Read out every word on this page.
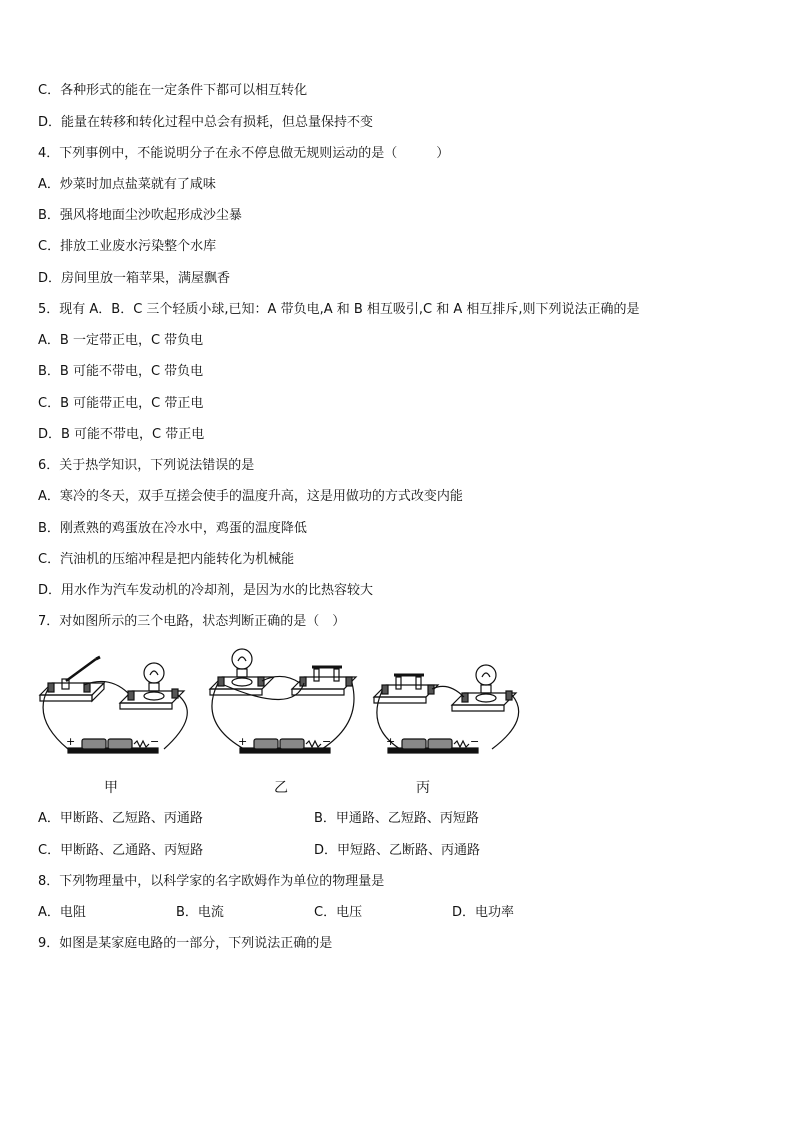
C．各种形式的能在一定条件下都可以相互转化
D．能量在转移和转化过程中总会有损耗，但总量保持不变
4．下列事例中，不能说明分子在永不停息做无规则运动的是（　　　）
A．炒菜时加点盐菜就有了咸味
B．强风将地面尘沙吹起形成沙尘暴
C．排放工业废水污染整个水库
D．房间里放一箱苹果，满屋飘香
5．现有 A．B．C 三个轻质小球,已知：A 带负电,A 和 B 相互吸引,C 和 A 相互排斥,则下列说法正确的是
A．B 一定带正电，C 带负电
B．B 可能不带电，C 带负电
C．B 可能带正电，C 带正电
D．B 可能不带电，C 带正电
6．关于热学知识，下列说法错误的是
A．寒冷的冬天，双手互搓会使手的温度升高，这是用做功的方式改变内能
B．刚煮熟的鸡蛋放在冷水中，鸡蛋的温度降低
C．汽油机的压缩冲程是把内能转化为机械能
D．用水作为汽车发动机的冷却剂，是因为水的比热容较大
7．对如图所示的三个电路，状态判断正确的是（　）
+	−	+	−	+	−
甲	乙	丙
A．甲断路、乙短路、丙通路	B．甲通路、乙短路、丙短路
C．甲断路、乙通路、丙短路	D．甲短路、乙断路、丙通路
8．下列物理量中，以科学家的名字欧姆作为单位的物理量是
A．电阻	B．电流	C．电压	D．电功率
9．如图是某家庭电路的一部分，下列说法正确的是
